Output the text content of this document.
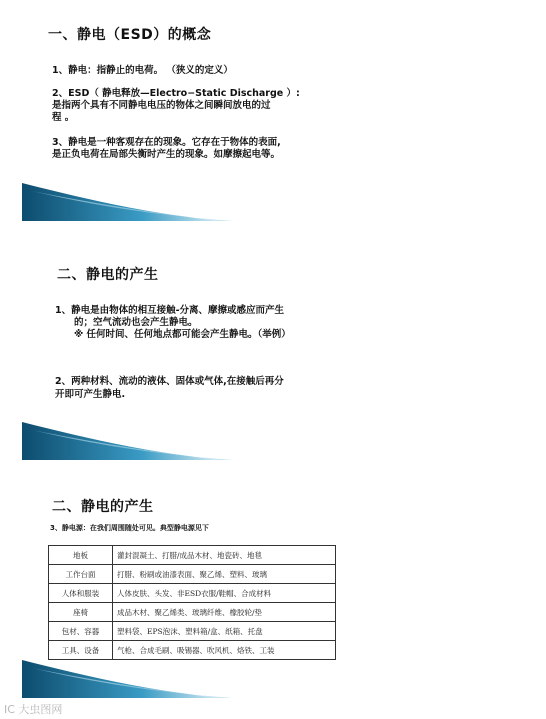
一、静电（ESD）的概念
1、静电：指静止的电荷。 （狭义的定义）
2、ESD（ 静电释放—Electro−Static Discharge ）:
是指两个具有不同静电电压的物体之间瞬间放电的过
程 。
3、静电是一种客观存在的现象。它存在于物体的表面,
是正负电荷在局部失衡时产生的现象。如摩擦起电等。
二、静电的产生
1、静电是由物体的相互接触-分离、摩擦或感应而产生
的；空气流动也会产生静电。
※ 任何时间、任何地点都可能会产生静电。（举例）
2、两种材料、流动的液体、固体或气体,在接触后再分
开即可产生静电.
二、静电的产生
3、静电源：在我们周围随处可见。典型静电源见下
地板	灌封混凝土、打腊/成品木材、地瓷砖、地毯
工作台面	打腊、粉刷或油漆表面、聚乙烯、塑料、玻璃
人体和服装	人体皮肤、头发、非ESD衣服/鞋帽、合成材料
座椅	成品木材、聚乙烯类、玻璃纤维、橡胶轮/垫
包材、容器	塑料袋、EPS泡沫、塑料箱/盒、纸箱、托盘
工具、设备	气枪、合成毛刷、吸锡器、吹风机、烙铁、工装
IC 大虫图网
